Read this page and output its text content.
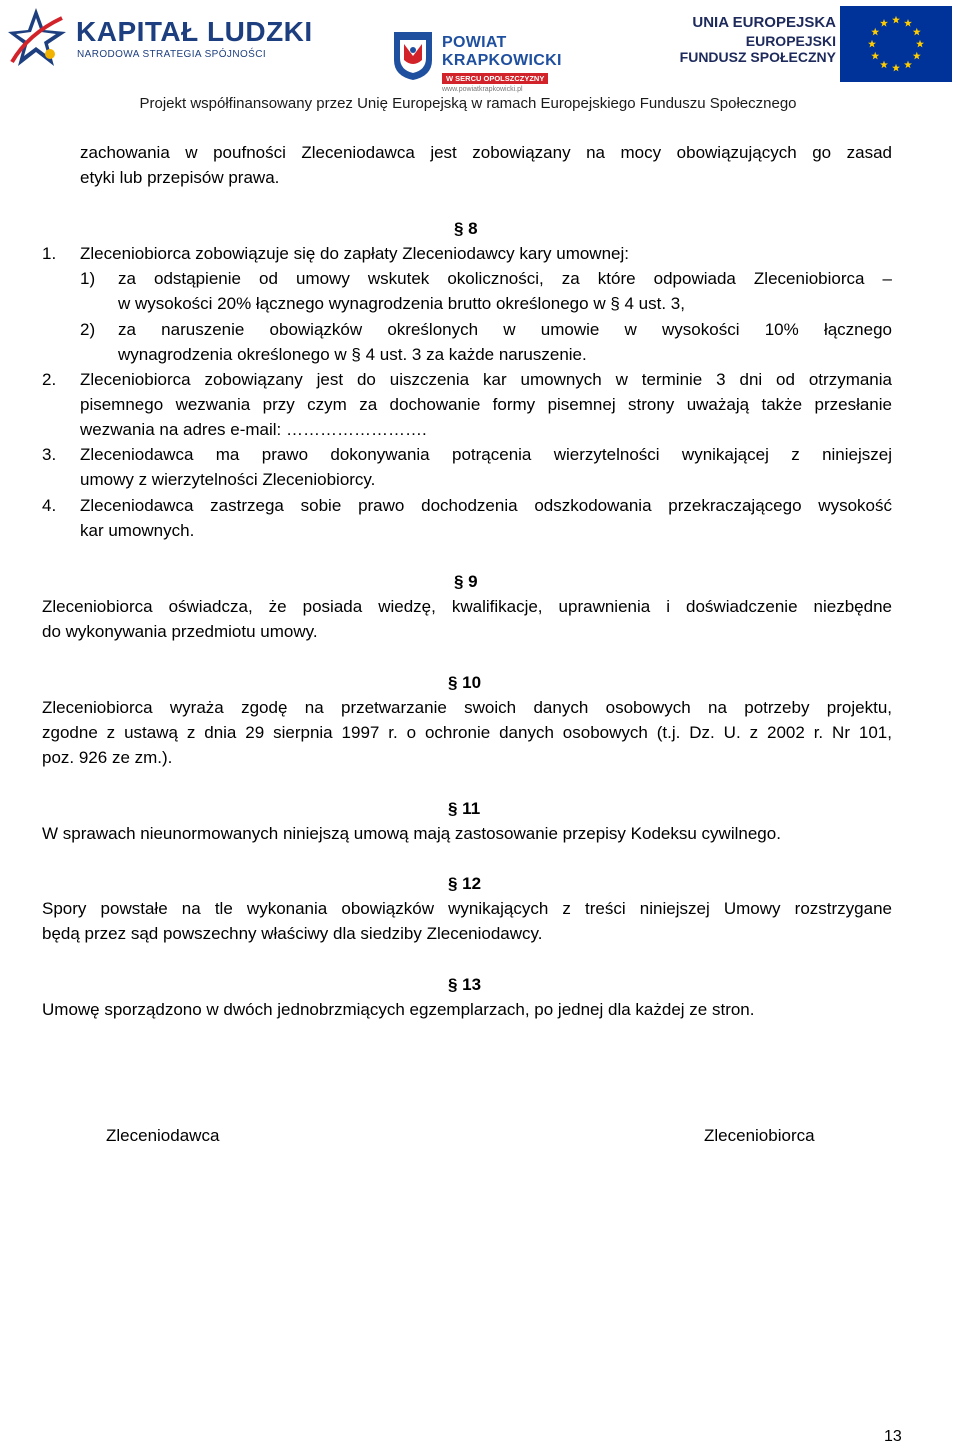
KAPITAŁ LUDZKI
NARODOWA STRATEGIA SPÓJNOŚCI
POWIAT
KRAPKOWICKI
W SERCU OPOLSZCZYZNY
www.powiatkrapkowicki.pl
UNIA EUROPEJSKA
EUROPEJSKI
FUNDUSZ SPOŁECZNY
Projekt współfinansowany przez Unię Europejską w ramach Europejskiego Funduszu Społecznego
zachowania w poufności Zleceniodawca jest zobowiązany na mocy obowiązujących go zasad
etyki lub przepisów prawa.
§ 8
1. Zleceniobiorca zobowiązuje się do zapłaty Zleceniodawcy kary umownej:
1) za odstąpienie od umowy wskutek okoliczności, za które odpowiada Zleceniobiorca –
w wysokości 20% łącznego wynagrodzenia brutto określonego w § 4 ust. 3,
2) za naruszenie obowiązków określonych w umowie w wysokości 10% łącznego
wynagrodzenia określonego w § 4 ust. 3 za każde naruszenie.
2. Zleceniobiorca zobowiązany jest do uiszczenia kar umownych w terminie 3 dni od otrzymania
pisemnego wezwania przy czym za dochowanie formy pisemnej strony uważają także przesłanie
wezwania na adres e-mail: …………………….
3. Zleceniodawca ma prawo dokonywania potrącenia wierzytelności wynikającej z niniejszej
umowy z wierzytelności Zleceniobiorcy.
4. Zleceniodawca zastrzega sobie prawo dochodzenia odszkodowania przekraczającego wysokość
kar umownych.
§ 9
Zleceniobiorca oświadcza, że posiada wiedzę, kwalifikacje, uprawnienia i doświadczenie niezbędne
do wykonywania przedmiotu umowy.
§ 10
Zleceniobiorca wyraża zgodę na przetwarzanie swoich danych osobowych na potrzeby projektu,
zgodne z ustawą z dnia 29 sierpnia 1997 r. o ochronie danych osobowych (t.j. Dz. U. z 2002 r. Nr 101,
poz. 926 ze zm.).
§ 11
W sprawach nieunormowanych niniejszą umową mają zastosowanie przepisy Kodeksu cywilnego.
§ 12
Spory powstałe na tle wykonania obowiązków wynikających z treści niniejszej Umowy rozstrzygane
będą przez sąd powszechny właściwy dla siedziby Zleceniodawcy.
§ 13
Umowę sporządzono w dwóch jednobrzmiących egzemplarzach, po jednej dla każdej ze stron.
Zleceniodawca	Zleceniobiorca
13
